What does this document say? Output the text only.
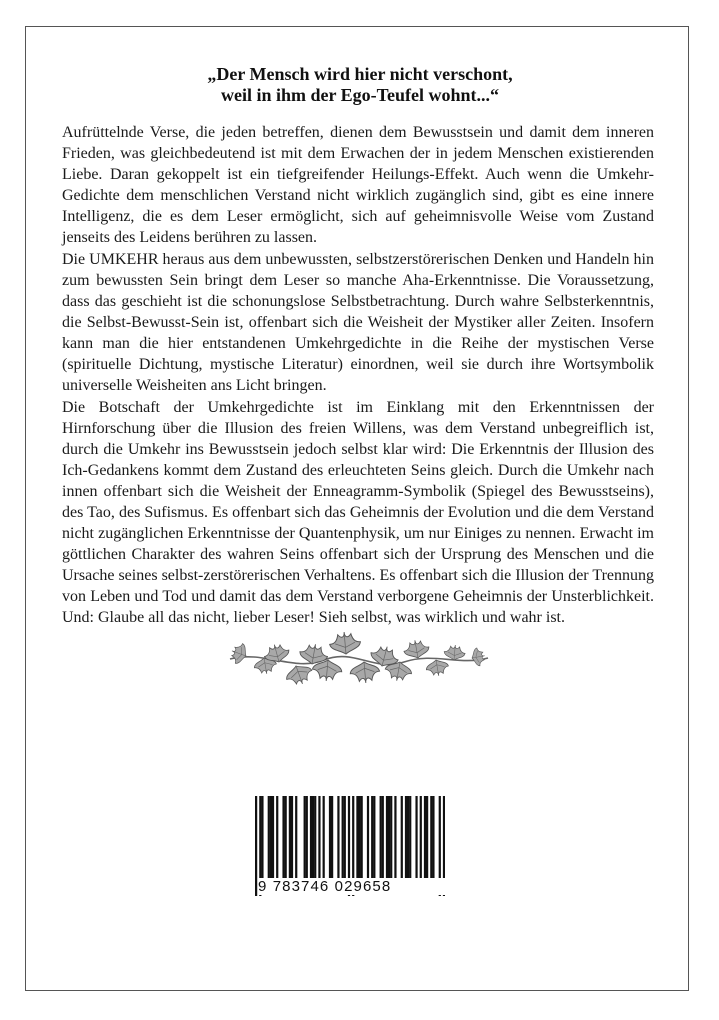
„Der Mensch wird hier nicht verschont,
weil in ihm der Ego-Teufel wohnt...“
Aufrüttelnde Verse, die jeden betreffen, dienen dem Bewusstsein und damit dem inneren Frieden, was gleichbedeutend ist mit dem Erwachen der in jedem Menschen existierenden Liebe. Daran gekoppelt ist ein tiefgreifender Heilungs-Effekt. Auch wenn die Umkehr-Gedichte dem menschlichen Verstand nicht wirklich zugänglich sind, gibt es eine innere Intelligenz, die es dem Leser ermöglicht, sich auf geheimnisvolle Weise vom Zustand jenseits des Leidens berühren zu lassen.
Die UMKEHR heraus aus dem unbewussten, selbstzerstörerischen Denken und Handeln hin zum bewussten Sein bringt dem Leser so manche Aha-Erkenntnisse. Die Voraussetzung, dass das geschieht ist die schonungslose Selbstbetrachtung. Durch wahre Selbsterkenntnis, die Selbst-Bewusst-Sein ist, offenbart sich die Weisheit der Mystiker aller Zeiten. Insofern kann man die hier entstandenen Umkehrgedichte in die Reihe der mystischen Verse (spirituelle Dichtung, mystische Literatur) einordnen, weil sie durch ihre Wortsymbolik universelle Weisheiten ans Licht bringen.
Die Botschaft der Umkehrgedichte ist im Einklang mit den Erkenntnissen der Hirnforschung über die Illusion des freien Willens, was dem Verstand unbegreiflich ist, durch die Umkehr ins Bewusstsein jedoch selbst klar wird: Die Erkenntnis der Illusion des Ich-Gedankens kommt dem Zustand des erleuchteten Seins gleich. Durch die Umkehr nach innen offenbart sich die Weisheit der Enneagramm-Symbolik (Spiegel des Bewusstseins), des Tao, des Sufismus. Es offenbart sich das Geheimnis der Evolution und die dem Verstand nicht zugänglichen Erkenntnisse der Quantenphysik, um nur Einiges zu nennen. Erwacht im göttlichen Charakter des wahren Seins offenbart sich der Ursprung des Menschen und die Ursache seines selbst-zerstörerischen Verhaltens. Es offenbart sich die Illusion der Trennung von Leben und Tod und damit das dem Verstand verborgene Geheimnis der Unsterblichkeit. Und: Glaube all das nicht, lieber Leser! Sieh selbst, was wirklich und wahr ist.
9 783746 029658
